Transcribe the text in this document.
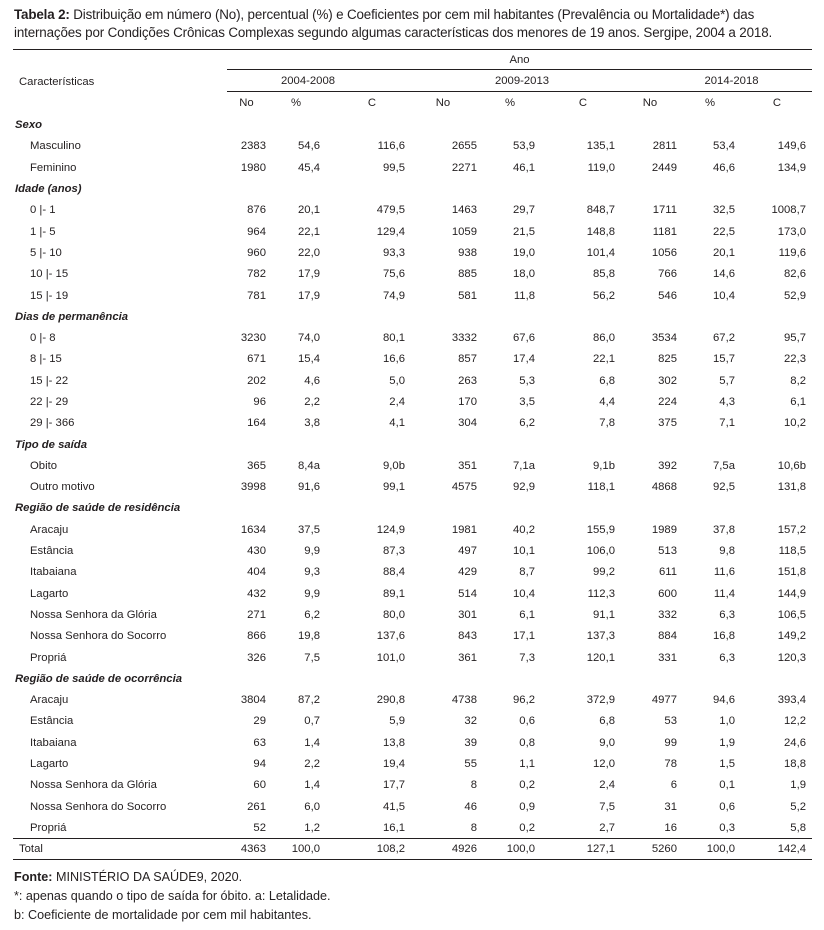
Tabela 2: Distribuição em número (No), percentual (%) e Coeficientes por cem mil habitantes (Prevalência ou Mortalidade*) das internações por Condições Crônicas Complexas segundo algumas características dos menores de 19 anos. Sergipe, 2004 a 2018.
Características	Ano								
	2004-2008			2009-2013			2014-2018		
	No	%	C	No	%	C	No	%	C
Sexo									
Masculino	2383	54,6	116,6	2655	53,9	135,1	2811	53,4	149,6
Feminino	1980	45,4	99,5	2271	46,1	119,0	2449	46,6	134,9
Idade (anos)									
0 |- 1	876	20,1	479,5	1463	29,7	848,7	1711	32,5	1008,7
1 |- 5	964	22,1	129,4	1059	21,5	148,8	1181	22,5	173,0
5 |- 10	960	22,0	93,3	938	19,0	101,4	1056	20,1	119,6
10 |- 15	782	17,9	75,6	885	18,0	85,8	766	14,6	82,6
15 |- 19	781	17,9	74,9	581	11,8	56,2	546	10,4	52,9
Dias de permanência									
0 |- 8	3230	74,0	80,1	3332	67,6	86,0	3534	67,2	95,7
8 |- 15	671	15,4	16,6	857	17,4	22,1	825	15,7	22,3
15 |- 22	202	4,6	5,0	263	5,3	6,8	302	5,7	8,2
22 |- 29	96	2,2	2,4	170	3,5	4,4	224	4,3	6,1
29 |- 366	164	3,8	4,1	304	6,2	7,8	375	7,1	10,2
Tipo de saída									
Obito	365	8,4a	9,0b	351	7,1a	9,1b	392	7,5a	10,6b
Outro motivo	3998	91,6	99,1	4575	92,9	118,1	4868	92,5	131,8
Região de saúde de residência									
Aracaju	1634	37,5	124,9	1981	40,2	155,9	1989	37,8	157,2
Estância	430	9,9	87,3	497	10,1	106,0	513	9,8	118,5
Itabaiana	404	9,3	88,4	429	8,7	99,2	611	11,6	151,8
Lagarto	432	9,9	89,1	514	10,4	112,3	600	11,4	144,9
Nossa Senhora da Glória	271	6,2	80,0	301	6,1	91,1	332	6,3	106,5
Nossa Senhora do Socorro	866	19,8	137,6	843	17,1	137,3	884	16,8	149,2
Propriá	326	7,5	101,0	361	7,3	120,1	331	6,3	120,3
Região de saúde de ocorrência									
Aracaju	3804	87,2	290,8	4738	96,2	372,9	4977	94,6	393,4
Estância	29	0,7	5,9	32	0,6	6,8	53	1,0	12,2
Itabaiana	63	1,4	13,8	39	0,8	9,0	99	1,9	24,6
Lagarto	94	2,2	19,4	55	1,1	12,0	78	1,5	18,8
Nossa Senhora da Glória	60	1,4	17,7	8	0,2	2,4	6	0,1	1,9
Nossa Senhora do Socorro	261	6,0	41,5	46	0,9	7,5	31	0,6	5,2
Propriá	52	1,2	16,1	8	0,2	2,7	16	0,3	5,8
Total	4363	100,0	108,2	4926	100,0	127,1	5260	100,0	142,4
Fonte: MINISTÉRIO DA SAÚDE9, 2020.
*: apenas quando o tipo de saída for óbito. a: Letalidade.
b: Coeficiente de mortalidade por cem mil habitantes.
